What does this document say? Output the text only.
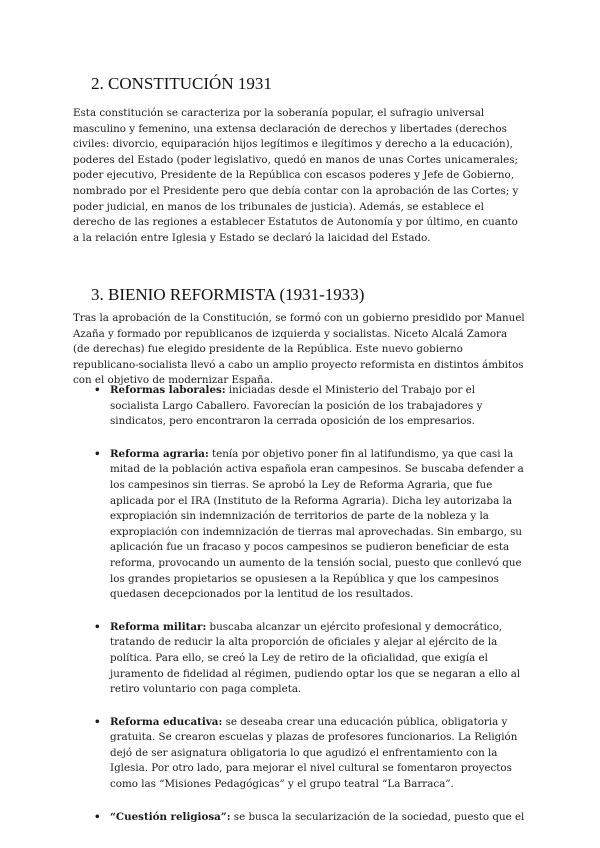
2. CONSTITUCIÓN 1931

Esta constitución se caracteriza por la soberanía popular, el sufragio universal masculino y femenino, una extensa declaración de derechos y libertades (derechos civiles: divorcio, equiparación hijos legítimos e ilegítimos y derecho a la educación), poderes del Estado (poder legislativo, quedó en manos de unas Cortes unicamerales; poder ejecutivo, Presidente de la República con escasos poderes y Jefe de Gobierno, nombrado por el Presidente pero que debía contar con la aprobación de las Cortes; y poder judicial, en manos de los tribunales de justicia). Además, se establece el derecho de las regiones a establecer Estatutos de Autonomía y por último, en cuanto a la relación entre Iglesia y Estado se declaró la laicidad del Estado.

3. BIENIO REFORMISTA (1931-1933)

Tras la aprobación de la Constitución, se formó con un gobierno presidido por Manuel Azaña y formado por republicanos de izquierda y socialistas. Niceto Alcalá Zamora (de derechas) fue elegido presidente de la República. Este nuevo gobierno republicano-socialista llevó a cabo un amplio proyecto reformista en distintos ámbitos con el objetivo de modernizar España.

• Reformas laborales: iniciadas desde el Ministerio del Trabajo por el socialista Largo Caballero. Favorecían la posición de los trabajadores y sindicatos, pero encontraron la cerrada oposición de los empresarios.
• Reforma agraria: tenía por objetivo poner fin al latifundismo, ya que casi la mitad de la población activa española eran campesinos. Se buscaba defender a los campesinos sin tierras. Se aprobó la Ley de Reforma Agraria, que fue aplicada por el IRA (Instituto de la Reforma Agraria). Dicha ley autorizaba la expropiación sin indemnización de territorios de parte de la nobleza y la expropiación con indemnización de tierras mal aprovechadas. Sin embargo, su aplicación fue un fracaso y pocos campesinos se pudieron beneficiar de esta reforma, provocando un aumento de la tensión social, puesto que conllevó que los grandes propietarios se opusiesen a la República y que los campesinos quedasen decepcionados por la lentitud de los resultados.
• Reforma militar: buscaba alcanzar un ejército profesional y democrático, tratando de reducir la alta proporción de oficiales y alejar al ejército de la política. Para ello, se creó la Ley de retiro de la oficialidad, que exigía el juramento de fidelidad al régimen, pudiendo optar los que se negaran a ello al retiro voluntario con paga completa.
• Reforma educativa: se deseaba crear una educación pública, obligatoria y gratuita. Se crearon escuelas y plazas de profesores funcionarios. La Religión dejó de ser asignatura obligatoria lo que agudizó el enfrentamiento con la Iglesia. Por otro lado, para mejorar el nivel cultural se fomentaron proyectos como las “Misiones Pedagógicas” y el grupo teatral “La Barraca”.
• “Cuestión religiosa”: se busca la secularización de la sociedad, puesto que el
